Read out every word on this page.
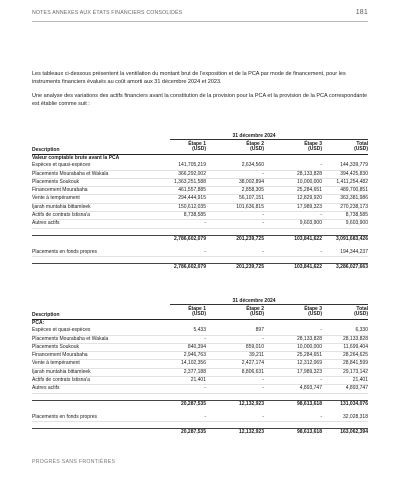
NOTES ANNEXES AUX ÉTATS FINANCIERS CONSOLIDÉS	181

Les tableaux ci-dessous présentent la ventilation du montant brut de l’exposition et de la PCA par mode de financement, pour les instruments financiers évalués au coût amorti aux 31 décembre 2024 et 2023.

Une analyse des variations des actifs financiers avant la constitution de la provision pour la PCA et la provision de la PCA correspondante est établie comme suit :

31 décembre 2024
Description
Étape 1
(USD)
Étape 2
(USD)
Étape 3
(USD)
Total
(USD)
Valeur comptable brute avant la PCA
Espèces et quasi-espèces	141,705,219	2,634,560	-	144,339,779
Placements Mourabaha et Wakala	366,292,002	-	28,133,828	394,425,830
Placements Soukouk	1,363,251,588	38,002,894	10,000,000	1,411,254,482
Financement Mourabaha	461,557,885	2,858,305	25,284,651	489,700,851
Vente à tempérament	294,444,915	56,107,151	12,829,920	363,381,986
Ijarah muntahia bittamleek	150,612,035	101,636,815	17,989,323	270,238,173
Actifs de contrats Istisna'a	8,738,585	-	-	8,738,585
Autres actifs	-	-	9,603,900	9,603,900
2,786,602,079	201,239,725	103,841,622	3,091,683,426
Placements en fonds propres	-	-	-	194,344,237
2,786,602,079	201,239,725	103,841,622	3,286,027,663
31 décembre 2024
Description
Étape 1
(USD)
Étape 2
(USD)
Étape 3
(USD)
Total
(USD)
PCA:
Espèces et quasi-espèces	5,433	897	-	6,330
Placements Mourabaha et Wakala	-	-	28,133,828	28,133,828
Placements Soukouk	840,394	859,010	10,000,000	11,699,404
Financement Mourabaha	2,946,763	39,211	25,284,651	28,264,625
Vente à tempérament	14,102,356	2,427,174	12,312,069	28,841,599
Ijarah muntahia bittamleek	2,377,188	8,806,631	17,989,323	29,173,142
Actifs de contrats Istisna'a	21,401	-	-	21,401
Autres actifs	-	-	4,893,747	4,893,747
20,287,535	12,132,923	98,613,618	131,034,076
Placements en fonds propres	-	-	-	32,028,318
20,287,535	12,132,923	98,613,618	163,062,394
PROGRÈS SANS FRONTIÈRES
